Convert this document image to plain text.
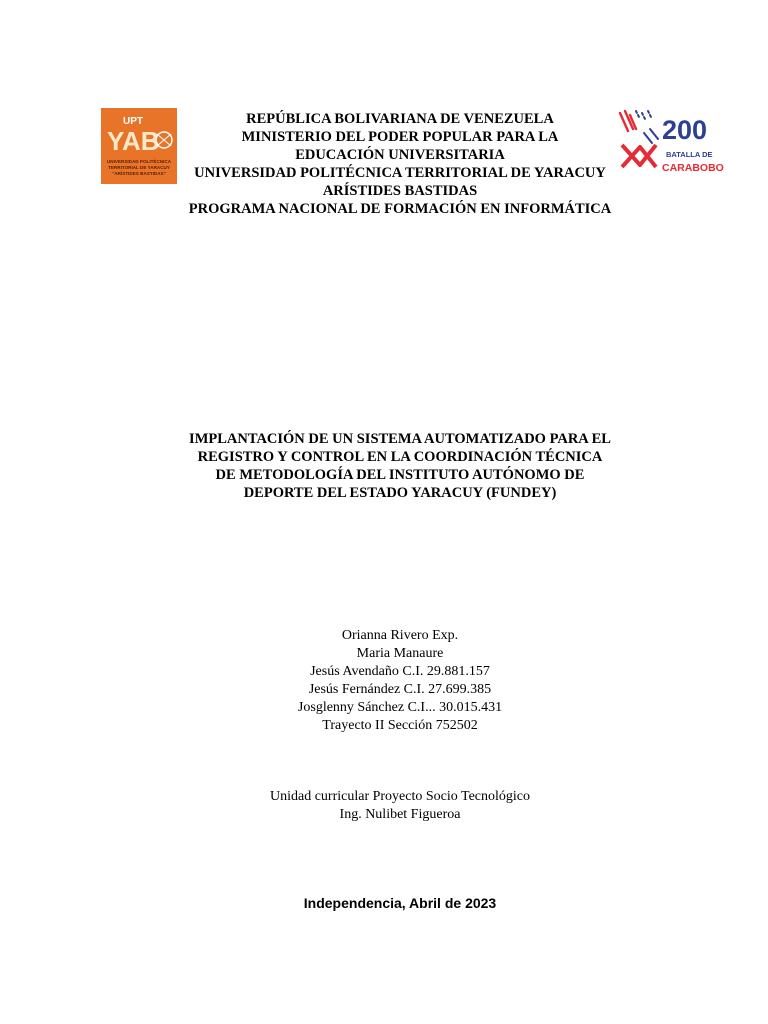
UPT
YAB
UNIVERSIDAD POLITÉCNICA
TERRITORIAL DE YARACUY
"ARÍSTIDES BASTIDAS"
200
BATALLA DE
CARABOBO
REPÚBLICA BOLIVARIANA DE VENEZUELA
MINISTERIO DEL PODER POPULAR PARA LA
EDUCACIÓN UNIVERSITARIA
UNIVERSIDAD POLITÉCNICA TERRITORIAL DE YARACUY
ARÍSTIDES BASTIDAS
PROGRAMA NACIONAL DE FORMACIÓN EN INFORMÁTICA
IMPLANTACIÓN DE UN SISTEMA AUTOMATIZADO PARA EL
REGISTRO Y CONTROL EN LA COORDINACIÓN TÉCNICA
DE METODOLOGÍA DEL INSTITUTO AUTÓNOMO DE
DEPORTE DEL ESTADO YARACUY (FUNDEY)
Orianna Rivero Exp.
Maria Manaure
Jesús Avendaño C.I. 29.881.157
Jesús Fernández C.I. 27.699.385
Josglenny Sánchez C.I... 30.015.431
Trayecto II Sección 752502
Unidad curricular Proyecto Socio Tecnológico
Ing. Nulibet Figueroa
Independencia, Abril de 2023
